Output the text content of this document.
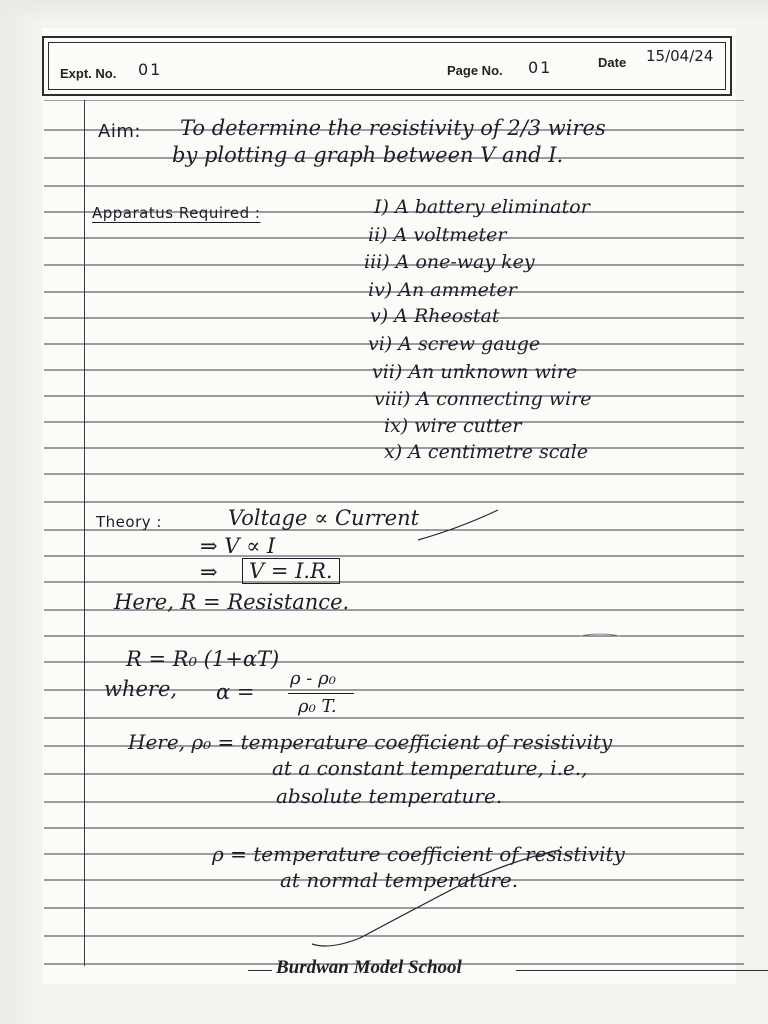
Expt. No. 01	Page No. 01	Date 15/04/24
Aim: To determine the resistivity of 2/3 wires
by plotting a graph between V and I.
Apparatus Required :	I) A battery eliminator
ii) A voltmeter
iii) A one-way key
iv) An ammeter
v) A Rheostat
vi) A screw gauge
vii) An unknown wire
viii) A connecting wire
ix) wire cutter
x) A centimetre scale
Theory :	Voltage ∝ Current
⇒ V ∝ I
⇒	V = I.R.
Here, R = Resistance.
R = R₀ (1+αT)
where, α =
ρ - ρ₀
ρ₀ T.
Here, ρ₀ = temperature coefficient of resistivity
at a constant temperature, i.e.,
absolute temperature.
ρ = temperature coefficient of resistivity
at normal temperature.
Burdwan Model School
